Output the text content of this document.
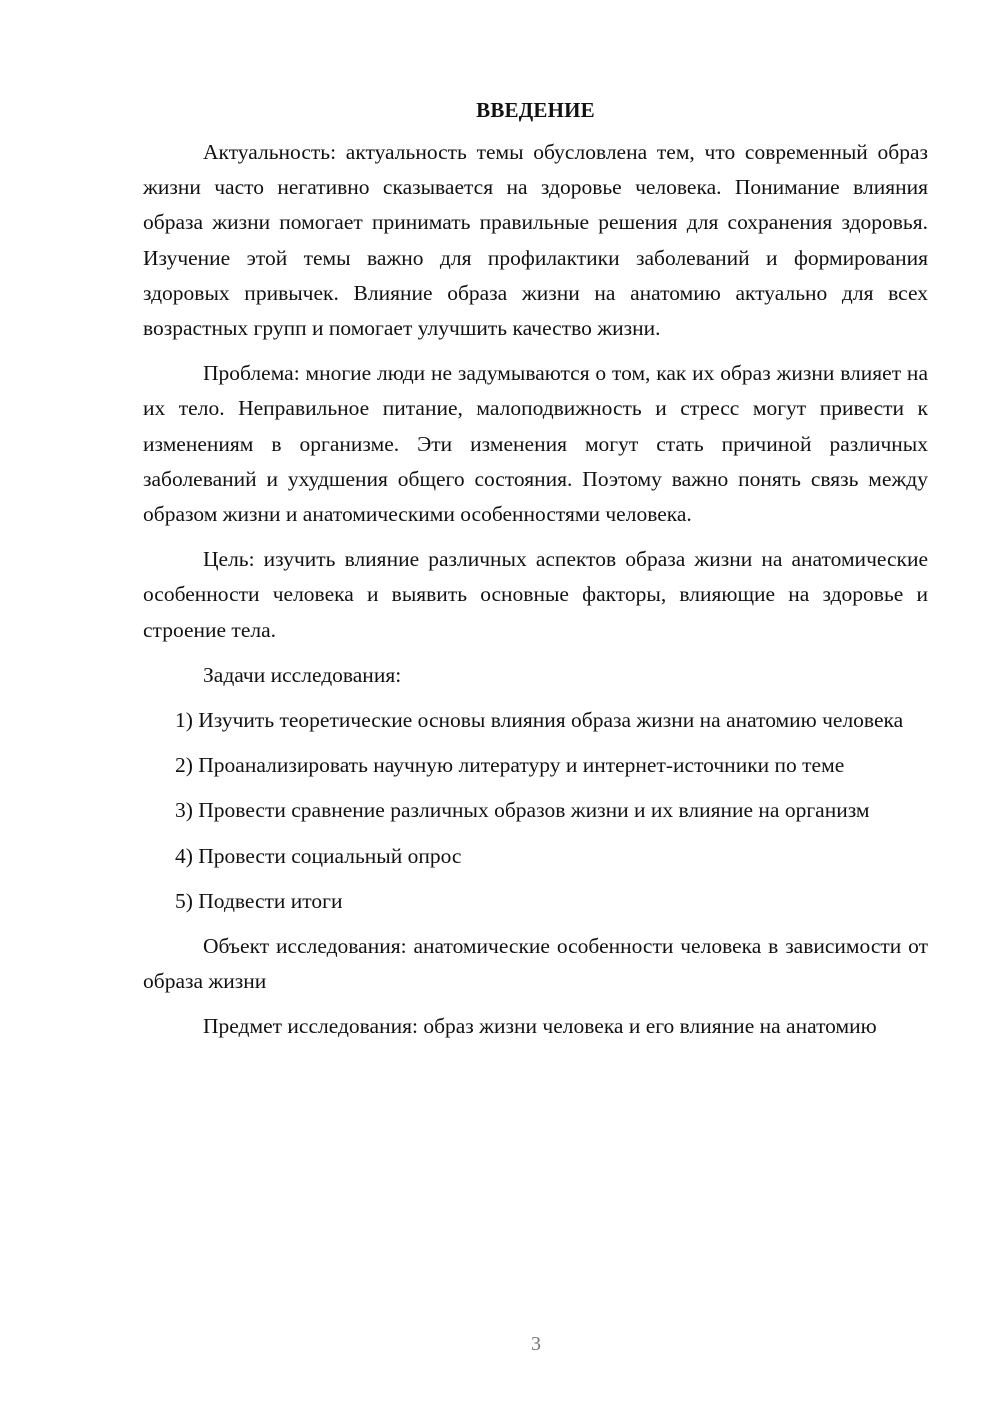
ВВЕДЕНИЕ

Актуальность: актуальность темы обусловлена тем, что современный образ жизни часто негативно сказывается на здоровье человека. Понимание влияния образа жизни помогает принимать правильные решения для сохранения здоровья. Изучение этой темы важно для профилактики заболеваний и формирования здоровых привычек. Влияние образа жизни на анатомию актуально для всех возрастных групп и помогает улучшить качество жизни.

Проблема: многие люди не задумываются о том, как их образ жизни влияет на их тело. Неправильное питание, малоподвижность и стресс могут привести к изменениям в организме. Эти изменения могут стать причиной различных заболеваний и ухудшения общего состояния. Поэтому важно понять связь между образом жизни и анатомическими особенностями человека.

Цель: изучить влияние различных аспектов образа жизни на анатомические особенности человека и выявить основные факторы, влияющие на здоровье и строение тела.

Задачи исследования:

1) Изучить теоретические основы влияния образа жизни на анатомию человека

2) Проанализировать научную литературу и интернет-источники по теме

3) Провести сравнение различных образов жизни и их влияние на организм

4) Провести социальный опрос

5) Подвести итоги

Объект исследования: анатомические особенности человека в зависимости от образа жизни

Предмет исследования: образ жизни человека и его влияние на анатомию

3
